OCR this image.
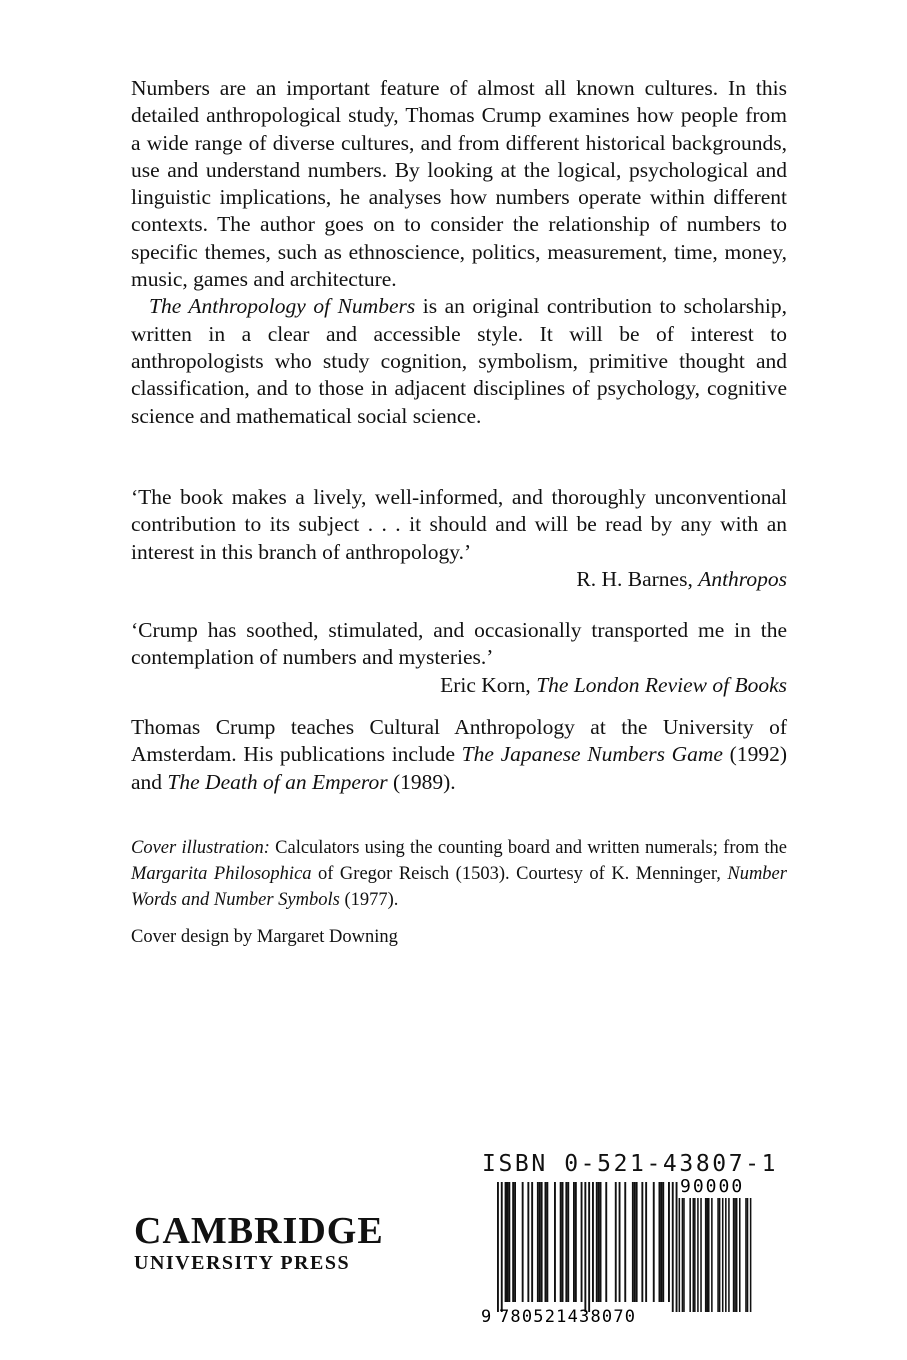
Numbers are an important feature of almost all known cultures. In this detailed anthropological study, Thomas Crump examines how people from a wide range of diverse cultures, and from different historical backgrounds, use and understand numbers. By looking at the logical, psychological and linguistic implications, he analyses how numbers operate within different contexts. The author goes on to consider the relationship of numbers to specific themes, such as ethnoscience, politics, measurement, time, money, music, games and architecture.

The Anthropology of Numbers is an original contribution to scholarship, written in a clear and accessible style. It will be of interest to anthropologists who study cognition, symbolism, primitive thought and classification, and to those in adjacent disciplines of psychology, cognitive science and mathematical social science.

‘The book makes a lively, well-informed, and thoroughly unconventional contribution to its subject . . . it should and will be read by any with an interest in this branch of anthropology.’

R. H. Barnes, Anthropos

‘Crump has soothed, stimulated, and occasionally transported me in the contemplation of numbers and mysteries.’

Eric Korn, The London Review of Books

Thomas Crump teaches Cultural Anthropology at the University of Amsterdam. His publications include The Japanese Numbers Game (1992) and The Death of an Emperor (1989).

Cover illustration: Calculators using the counting board and written numerals; from the Margarita Philosophica of Gregor Reisch (1503). Courtesy of K. Menninger, Number Words and Number Symbols (1977).
Cover design by Margaret Downing
CAMBRIDGE
UNIVERSITY PRESS
ISBN 0-521-43807-1
9 780521438070
90000
